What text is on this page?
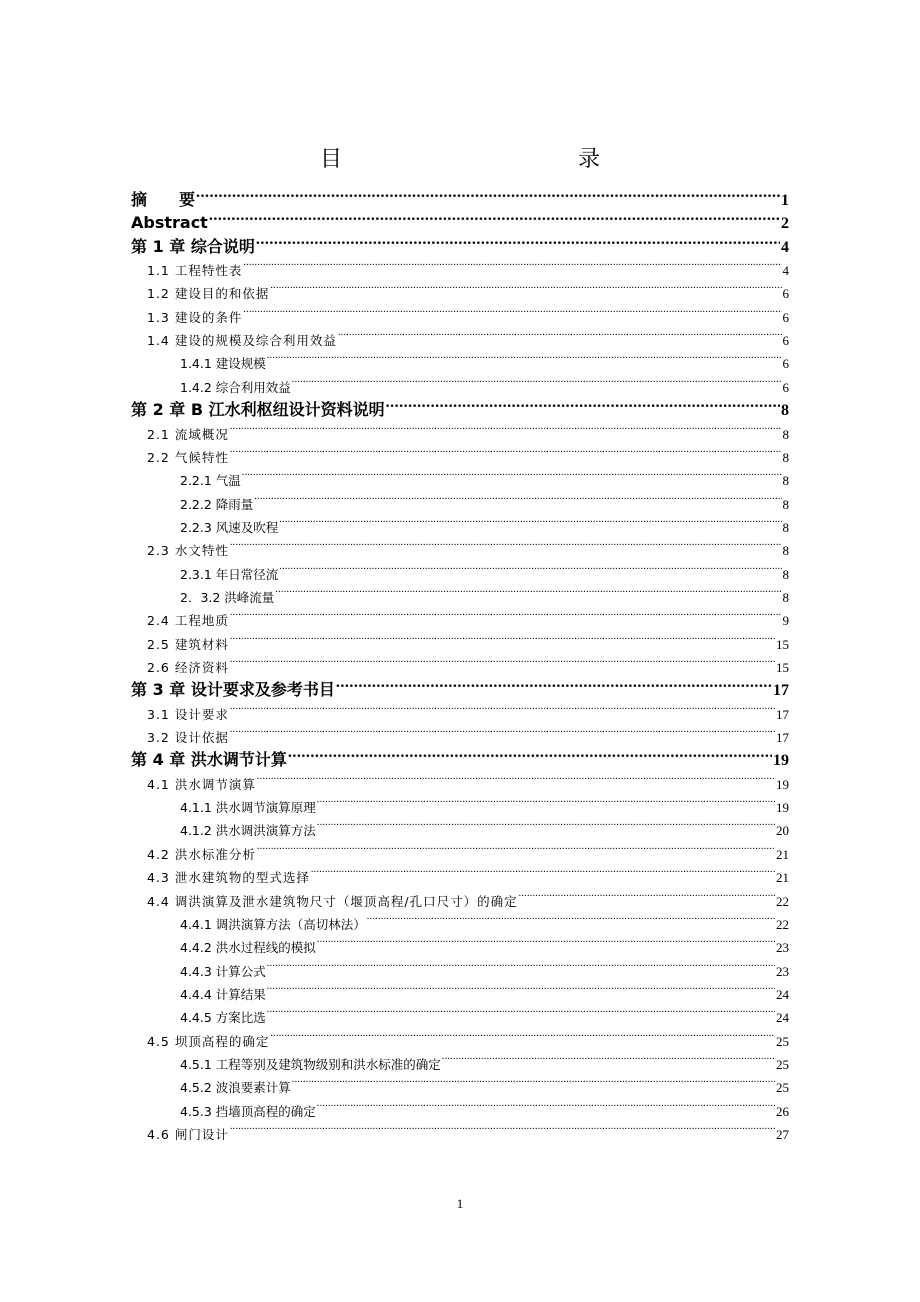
目　　录
摘　　要 .....	1
Abstract .....	2
第 1 章 综合说明 .....	4
1.1 工程特性表 .....	4
1.2 建设目的和依据 .....	6
1.3 建设的条件 .....	6
1.4 建设的规模及综合利用效益 .....	6
1.4.1 建设规模 .....	6
1.4.2 综合利用效益 .....	6
第 2 章 B 江水利枢纽设计资料说明 .....	8
2.1 流域概况 .....	8
2.2 气候特性 .....	8
2.2.1 气温 .....	8
2.2.2 降雨量 .....	8
2.2.3 风速及吹程 .....	8
2.3 水文特性 .....	8
2.3.1 年日常径流 .....	8
2．3.2 洪峰流量 .....	8
2.4 工程地质 .....	9
2.5 建筑材料 .....	15
2.6 经济资料 .....	15
第 3 章 设计要求及参考书目 .....	17
3.1 设计要求 .....	17
3.2 设计依据 .....	17
第 4 章 洪水调节计算 .....	19
4.1 洪水调节演算 .....	19
4.1.1 洪水调节演算原理 .....	19
4.1.2 洪水调洪演算方法 .....	20
4.2 洪水标准分析 .....	21
4.3 泄水建筑物的型式选择 .....	21
4.4 调洪演算及泄水建筑物尺寸（堰顶高程/孔口尺寸）的确定 .....	22
4.4.1 调洪演算方法（高切林法） .....	22
4.4.2 洪水过程线的模拟 .....	23
4.4.3 计算公式 .....	23
4.4.4 计算结果 .....	24
4.4.5 方案比选 .....	24
4.5 坝顶高程的确定 .....	25
4.5.1 工程等别及建筑物级别和洪水标准的确定 .....	25
4.5.2 波浪要素计算 .....	25
4.5.3 挡墙顶高程的确定 .....	26
4.6 闸门设计 .....	27
1
